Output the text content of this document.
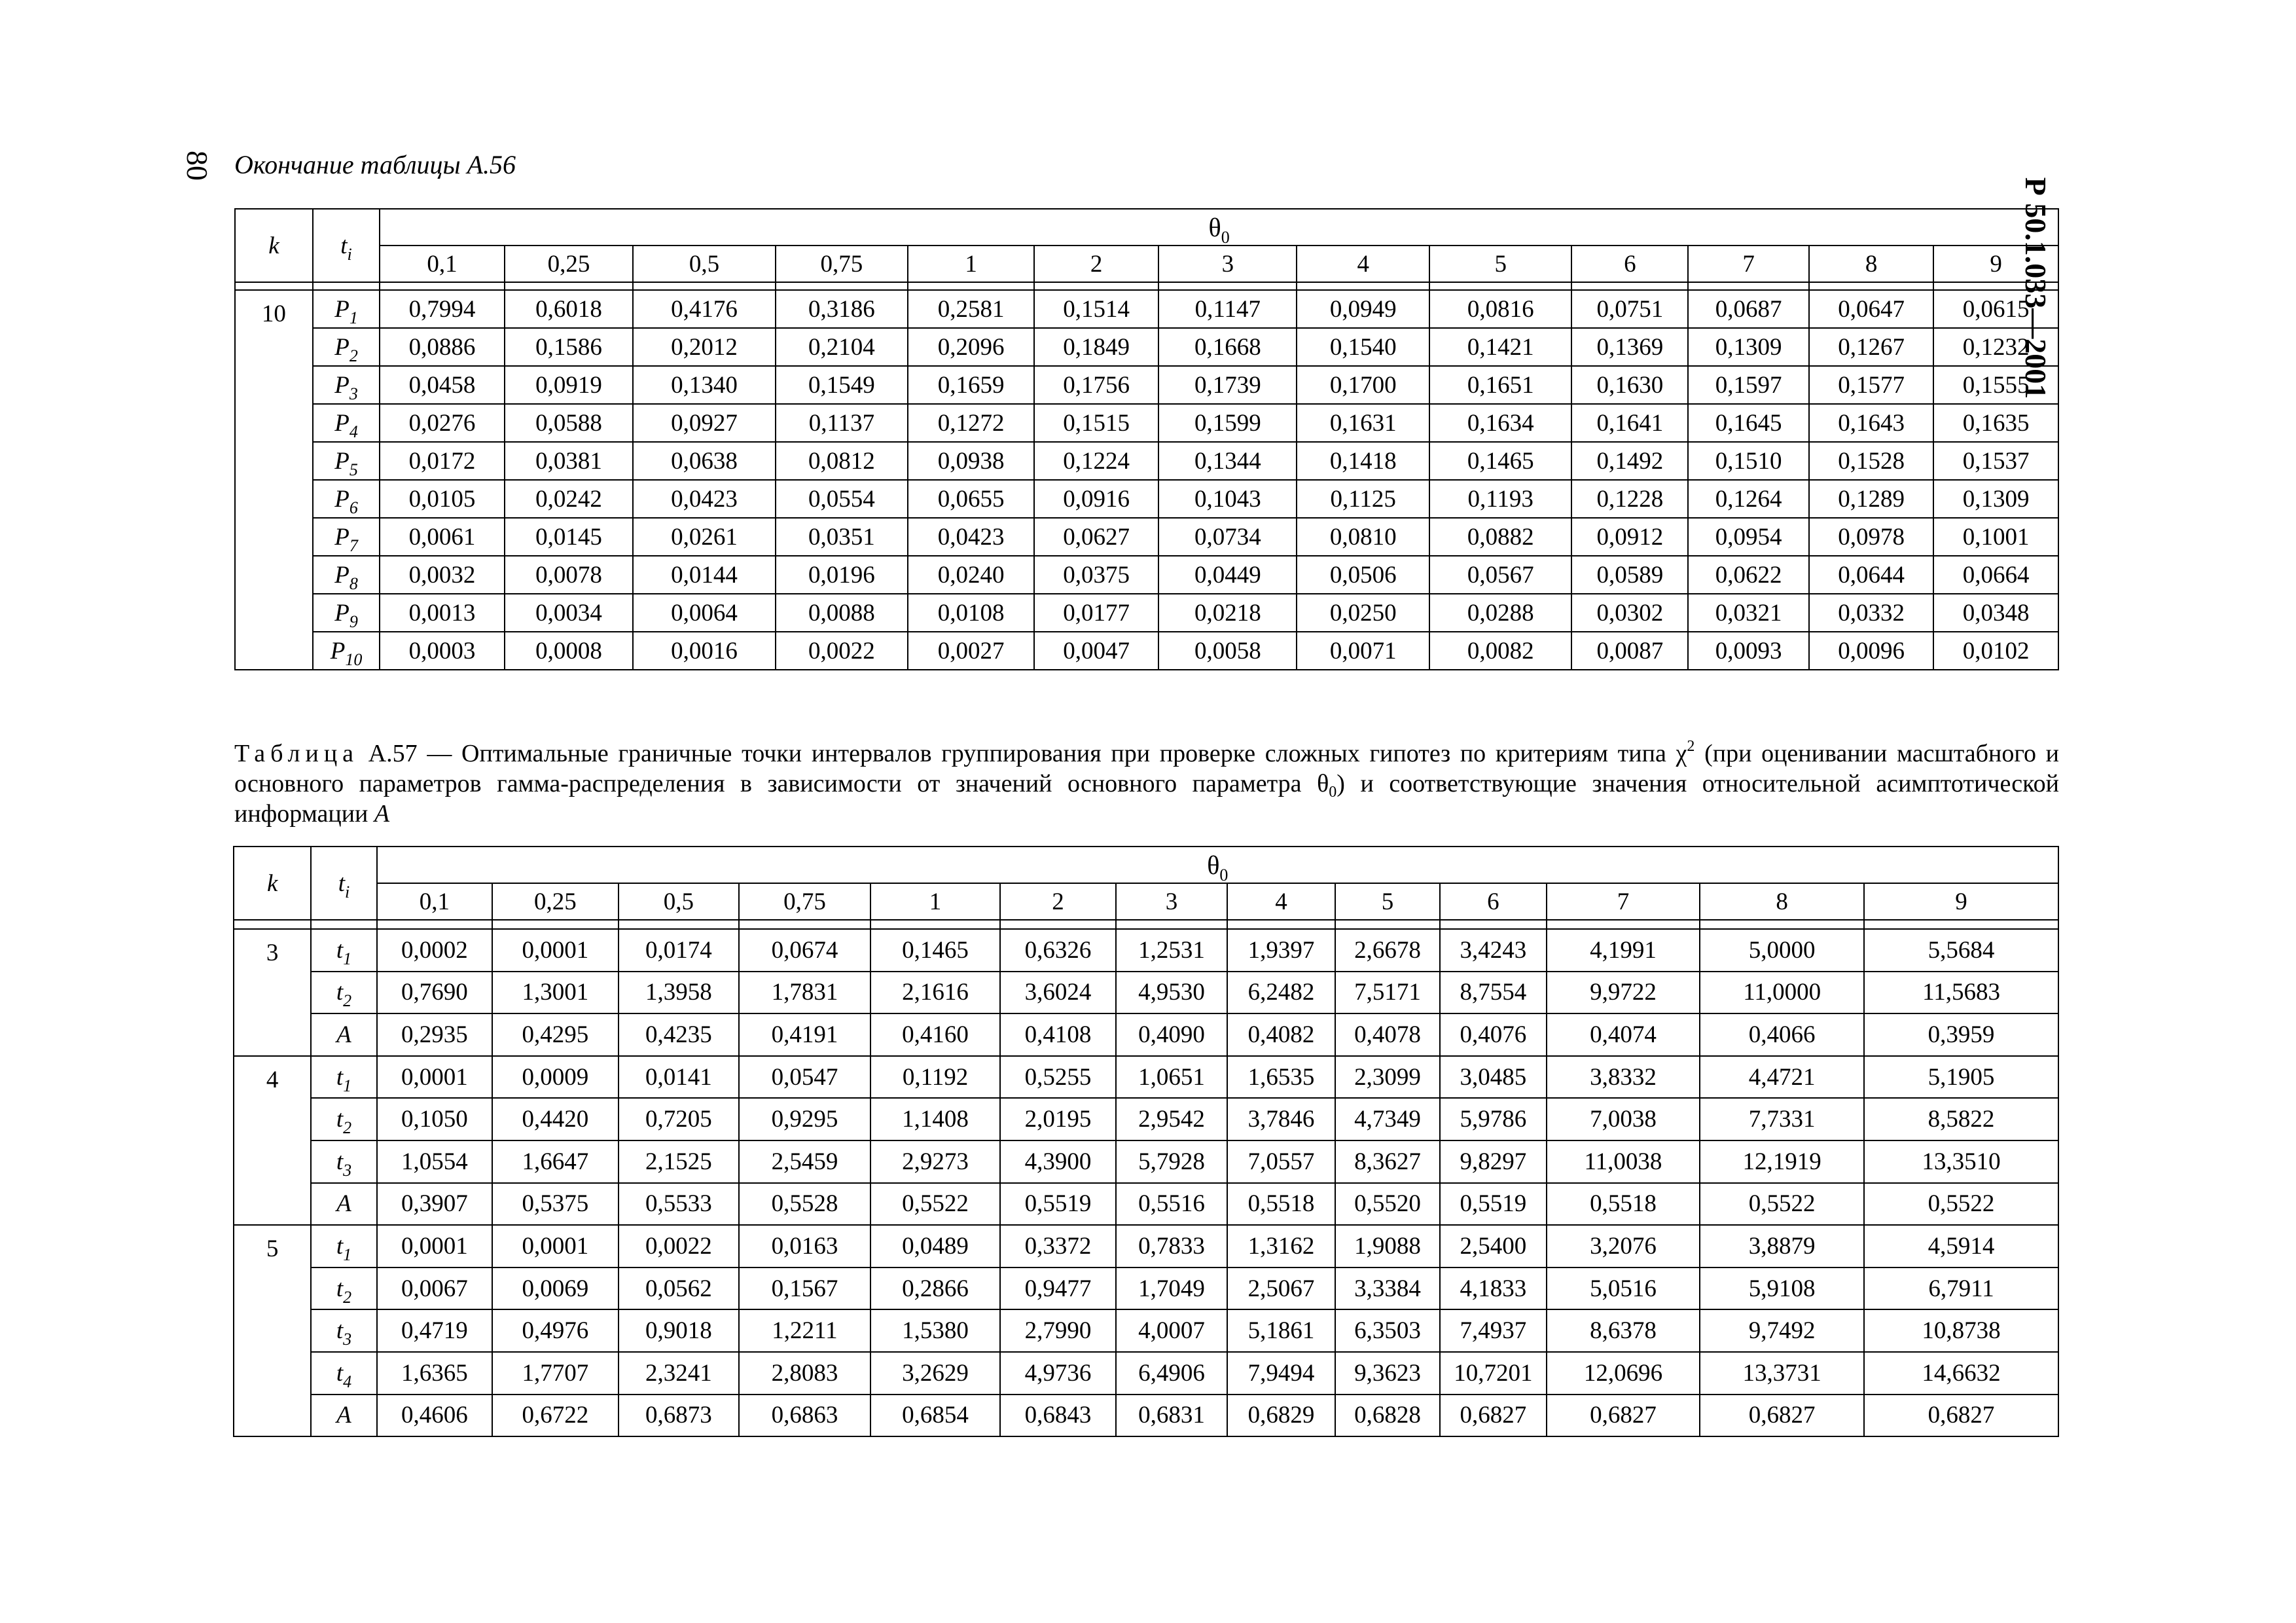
80 Окончание таблицы А.56
Р 50.1.033—2001
k	$t_i$	$\theta_0$
		0,1	0,25	0,5	0,75	1	2	3	4	5	6	7	8	9

10	$P_1$	0,7994	0,6018	0,4176	0,3186	0,2581	0,1514	0,1147	0,0949	0,0816	0,0751	0,0687	0,0647	0,0615
	$P_2$	0,0886	0,1586	0,2012	0,2104	0,2096	0,1849	0,1668	0,1540	0,1421	0,1369	0,1309	0,1267	0,1232
	$P_3$	0,0458	0,0919	0,1340	0,1549	0,1659	0,1756	0,1739	0,1700	0,1651	0,1630	0,1597	0,1577	0,1555
	$P_4$	0,0276	0,0588	0,0927	0,1137	0,1272	0,1515	0,1599	0,1631	0,1634	0,1641	0,1645	0,1643	0,1635
	$P_5$	0,0172	0,0381	0,0638	0,0812	0,0938	0,1224	0,1344	0,1418	0,1465	0,1492	0,1510	0,1528	0,1537
	$P_6$	0,0105	0,0242	0,0423	0,0554	0,0655	0,0916	0,1043	0,1125	0,1193	0,1228	0,1264	0,1289	0,1309
	$P_7$	0,0061	0,0145	0,0261	0,0351	0,0423	0,0627	0,0734	0,0810	0,0882	0,0912	0,0954	0,0978	0,1001
	$P_8$	0,0032	0,0078	0,0144	0,0196	0,0240	0,0375	0,0449	0,0506	0,0567	0,0589	0,0622	0,0644	0,0664
	$P_9$	0,0013	0,0034	0,0064	0,0088	0,0108	0,0177	0,0218	0,0250	0,0288	0,0302	0,0321	0,0332	0,0348
	$P_{10}$	0,0003	0,0008	0,0016	0,0022	0,0027	0,0047	0,0058	0,0071	0,0082	0,0087	0,0093	0,0096	0,0102
Таблица А.57 — Оптимальные граничные точки интервалов группирования при проверке сложных гипотез по критериям типа $\chi^2$ (при оценивании масштабного и основного параметров гамма-распределения в зависимости от значений основного параметра $\theta_0$) и соответствующие значения относительной асимптотической информации A
k	$t_i$	$\theta_0$
		0,1	0,25	0,5	0,75	1	2	3	4	5	6	7	8	9

3	$t_1$	0,0002	0,0001	0,0174	0,0674	0,1465	0,6326	1,2531	1,9397	2,6678	3,4243	4,1991	5,0000	5,5684
	$t_2$	0,7690	1,3001	1,3958	1,7831	2,1616	3,6024	4,9530	6,2482	7,5171	8,7554	9,9722	11,0000	11,5683
	A	0,2935	0,4295	0,4235	0,4191	0,4160	0,4108	0,4090	0,4082	0,4078	0,4076	0,4074	0,4066	0,3959
4	$t_1$	0,0001	0,0009	0,0141	0,0547	0,1192	0,5255	1,0651	1,6535	2,3099	3,0485	3,8332	4,4721	5,1905
	$t_2$	0,1050	0,4420	0,7205	0,9295	1,1408	2,0195	2,9542	3,7846	4,7349	5,9786	7,0038	7,7331	8,5822
	$t_3$	1,0554	1,6647	2,1525	2,5459	2,9273	4,3900	5,7928	7,0557	8,3627	9,8297	11,0038	12,1919	13,3510
	A	0,3907	0,5375	0,5533	0,5528	0,5522	0,5519	0,5516	0,5518	0,5520	0,5519	0,5518	0,5522	0,5522
5	$t_1$	0,0001	0,0001	0,0022	0,0163	0,0489	0,3372	0,7833	1,3162	1,9088	2,5400	3,2076	3,8879	4,5914
	$t_2$	0,0067	0,0069	0,0562	0,1567	0,2866	0,9477	1,7049	2,5067	3,3384	4,1833	5,0516	5,9108	6,7911
	$t_3$	0,4719	0,4976	0,9018	1,2211	1,5380	2,7990	4,0007	5,1861	6,3503	7,4937	8,6378	9,7492	10,8738
	$t_4$	1,6365	1,7707	2,3241	2,8083	3,2629	4,9736	6,4906	7,9494	9,3623	10,7201	12,0696	13,3731	14,6632
	A	0,4606	0,6722	0,6873	0,6863	0,6854	0,6843	0,6831	0,6829	0,6828	0,6827	0,6827	0,6827	0,6827
